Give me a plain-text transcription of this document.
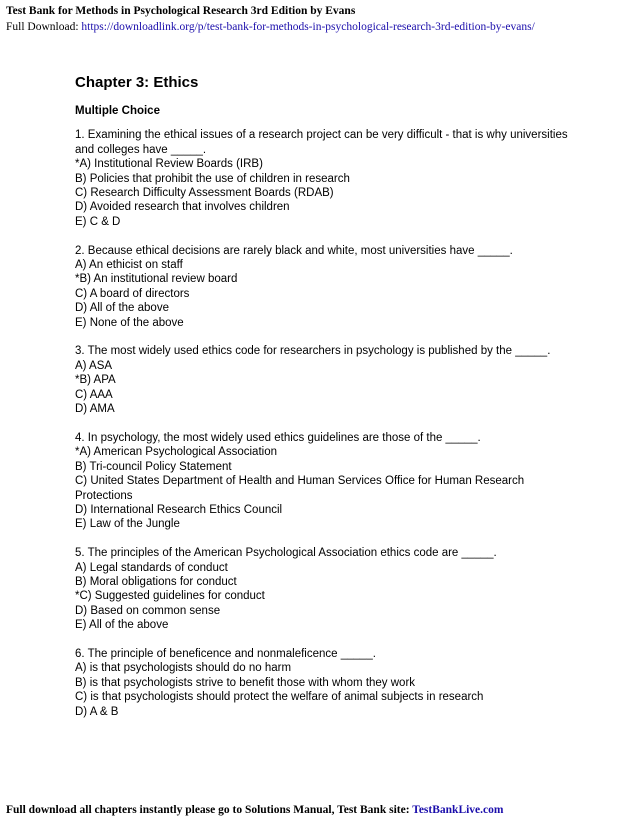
Test Bank for Methods in Psychological Research 3rd Edition by Evans
Full Download: https://downloadlink.org/p/test-bank-for-methods-in-psychological-research-3rd-edition-by-evans/
Chapter 3: Ethics
Multiple Choice
1. Examining the ethical issues of a research project can be very difficult - that is why universities and colleges have _____.
*A) Institutional Review Boards (IRB)
B) Policies that prohibit the use of children in research
C) Research Difficulty Assessment Boards (RDAB)
D) Avoided research that involves children
E) C & D
2. Because ethical decisions are rarely black and white, most universities have _____.
A) An ethicist on staff
*B) An institutional review board
C) A board of directors
D) All of the above
E) None of the above
3. The most widely used ethics code for researchers in psychology is published by the _____.
A) ASA
*B) APA
C) AAA
D) AMA
4. In psychology, the most widely used ethics guidelines are those of the _____.
*A) American Psychological Association
B) Tri-council Policy Statement
C) United States Department of Health and Human Services Office for Human Research Protections
D) International Research Ethics Council
E) Law of the Jungle
5. The principles of the American Psychological Association ethics code are _____.
A) Legal standards of conduct
B) Moral obligations for conduct
*C) Suggested guidelines for conduct
D) Based on common sense
E) All of the above
6. The principle of beneficence and nonmaleficence _____.
A) is that psychologists should do no harm
B) is that psychologists strive to benefit those with whom they work
C) is that psychologists should protect the welfare of animal subjects in research
D) A & B
Full download all chapters instantly please go to Solutions Manual, Test Bank site: TestBankLive.com
